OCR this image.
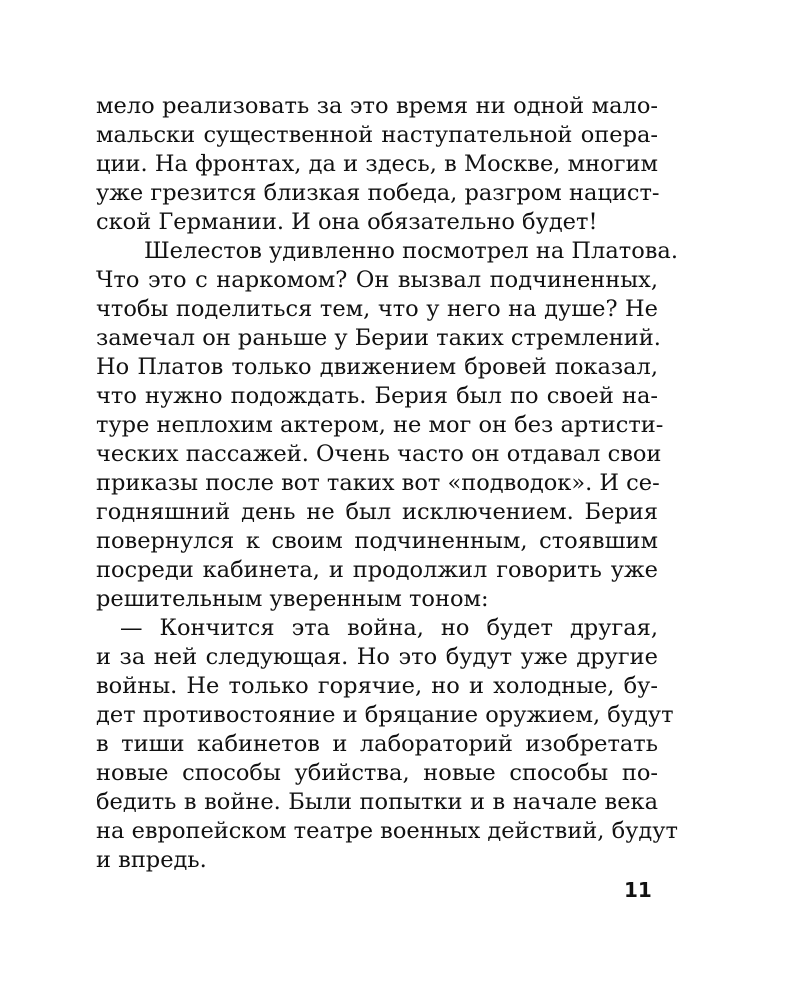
мело реализовать за это время ни одной мало-
мальски существенной наступательной опера-
ции. На фронтах, да и здесь, в Москве, многим
уже грезится близкая победа, разгром нацист-
ской Германии. И она обязательно будет!
Шелестов удивленно посмотрел на Платова.
Что это с наркомом? Он вызвал подчиненных,
чтобы поделиться тем, что у него на душе? Не
замечал он раньше у Берии таких стремлений.
Но Платов только движением бровей показал,
что нужно подождать. Берия был по своей на-
туре неплохим актером, не мог он без артисти-
ческих пассажей. Очень часто он отдавал свои
приказы после вот таких вот «подводок». И се-
годняшний день не был исключением. Берия
повернулся к своим подчиненным, стоявшим
посреди кабинета, и продолжил говорить уже
решительным уверенным тоном:
— Кончится эта война, но будет другая,
и за ней следующая. Но это будут уже другие
войны. Не только горячие, но и холодные, бу-
дет противостояние и бряцание оружием, будут
в тиши кабинетов и лабораторий изобретать
новые способы убийства, новые способы по-
бедить в войне. Были попытки и в начале века
на европейском театре военных действий, будут
и впредь.
11
